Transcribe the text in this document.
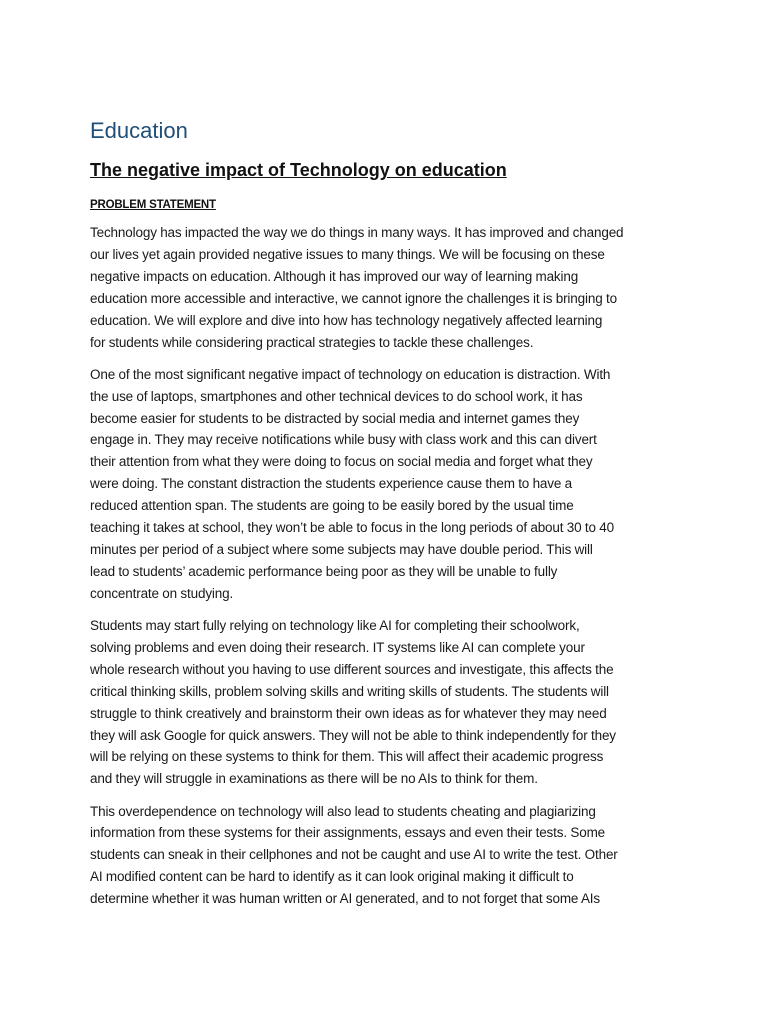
Education
The negative impact of Technology on education
PROBLEM STATEMENT

Technology has impacted the way we do things in many ways. It has improved and changed
our lives yet again provided negative issues to many things. We will be focusing on these
negative impacts on education. Although it has improved our way of learning making
education more accessible and interactive, we cannot ignore the challenges it is bringing to
education. We will explore and dive into how has technology negatively affected learning
for students while considering practical strategies to tackle these challenges.

One of the most significant negative impact of technology on education is distraction. With
the use of laptops, smartphones and other technical devices to do school work, it has
become easier for students to be distracted by social media and internet games they
engage in. They may receive notifications while busy with class work and this can divert
their attention from what they were doing to focus on social media and forget what they
were doing. The constant distraction the students experience cause them to have a
reduced attention span. The students are going to be easily bored by the usual time
teaching it takes at school, they won’t be able to focus in the long periods of about 30 to 40
minutes per period of a subject where some subjects may have double period. This will
lead to students’ academic performance being poor as they will be unable to fully
concentrate on studying.

Students may start fully relying on technology like AI for completing their schoolwork,
solving problems and even doing their research. IT systems like AI can complete your
whole research without you having to use different sources and investigate, this affects the
critical thinking skills, problem solving skills and writing skills of students. The students will
struggle to think creatively and brainstorm their own ideas as for whatever they may need
they will ask Google for quick answers. They will not be able to think independently for they
will be relying on these systems to think for them. This will affect their academic progress
and they will struggle in examinations as there will be no AIs to think for them.

This overdependence on technology will also lead to students cheating and plagiarizing
information from these systems for their assignments, essays and even their tests. Some
students can sneak in their cellphones and not be caught and use AI to write the test. Other
AI modified content can be hard to identify as it can look original making it difficult to
determine whether it was human written or AI generated, and to not forget that some AIs
